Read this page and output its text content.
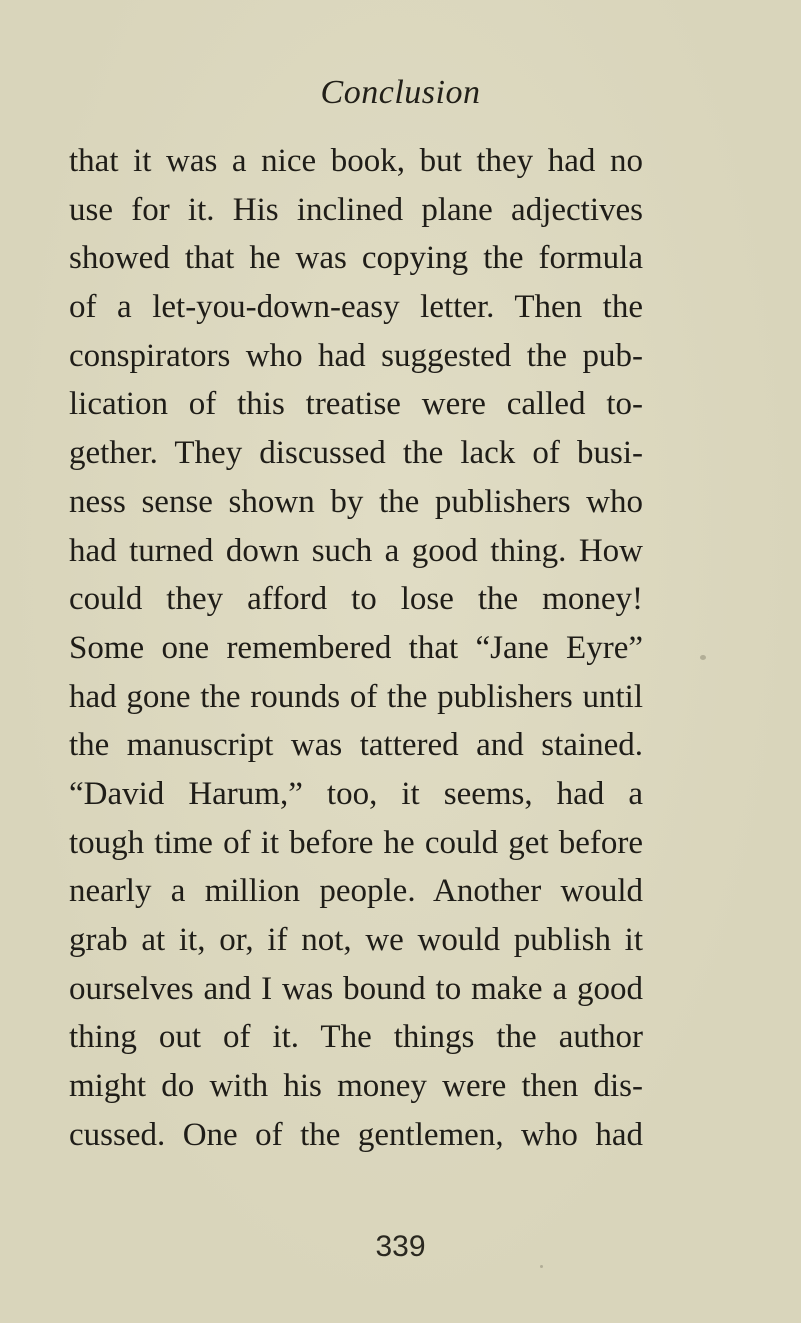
Conclusion
that it was a nice book, but they had no
use for it. His inclined plane adjectives
showed that he was copying the formula
of a let-you-down-easy letter. Then the
conspirators who had suggested the pub-
lication of this treatise were called to-
gether. They discussed the lack of busi-
ness sense shown by the publishers who
had turned down such a good thing. How
could they afford to lose the money!
Some one remembered that “Jane Eyre”
had gone the rounds of the publishers until
the manuscript was tattered and stained.
“David Harum,” too, it seems, had a
tough time of it before he could get before
nearly a million people. Another would
grab at it, or, if not, we would publish it
ourselves and I was bound to make a good
thing out of it. The things the author
might do with his money were then dis-
cussed. One of the gentlemen, who had
339
